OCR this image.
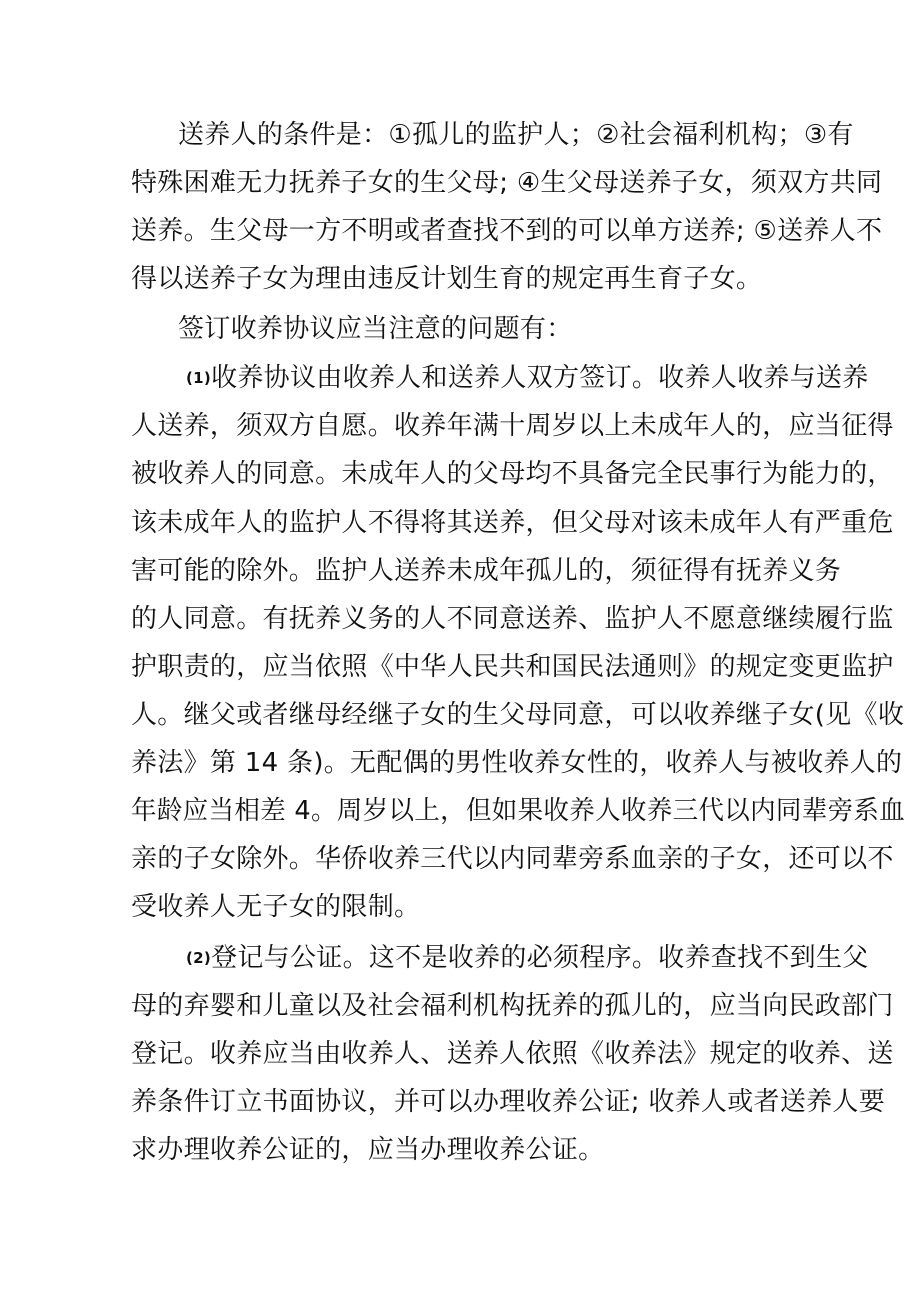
送养人的条件是：①孤儿的监护人；②社会福利机构；③有
特殊困难无力抚养子女的生父母; ④生父母送养子女，须双方共同
送养。生父母一方不明或者查找不到的可以单方送养; ⑤送养人不
得以送养子女为理由违反计划生育的规定再生育子女。
签订收养协议应当注意的问题有：
(1)收养协议由收养人和送养人双方签订。收养人收养与送养
人送养，须双方自愿。收养年满十周岁以上未成年人的，应当征得
被收养人的同意。未成年人的父母均不具备完全民事行为能力的，
该未成年人的监护人不得将其送养，但父母对该未成年人有严重危
害可能的除外。监护人送养未成年孤儿的，须征得有抚养义务
的人同意。有抚养义务的人不同意送养、监护人不愿意继续履行监
护职责的，应当依照《中华人民共和国民法通则》的规定变更监护
人。继父或者继母经继子女的生父母同意，可以收养继子女(见《收
养法》第 14 条)。无配偶的男性收养女性的，收养人与被收养人的
年龄应当相差 4。周岁以上，但如果收养人收养三代以内同辈旁系血
亲的子女除外。华侨收养三代以内同辈旁系血亲的子女，还可以不
受收养人无子女的限制。
(2)登记与公证。这不是收养的必须程序。收养查找不到生父
母的弃婴和儿童以及社会福利机构抚养的孤儿的，应当向民政部门
登记。收养应当由收养人、送养人依照《收养法》规定的收养、送
养条件订立书面协议，并可以办理收养公证; 收养人或者送养人要
求办理收养公证的，应当办理收养公证。
